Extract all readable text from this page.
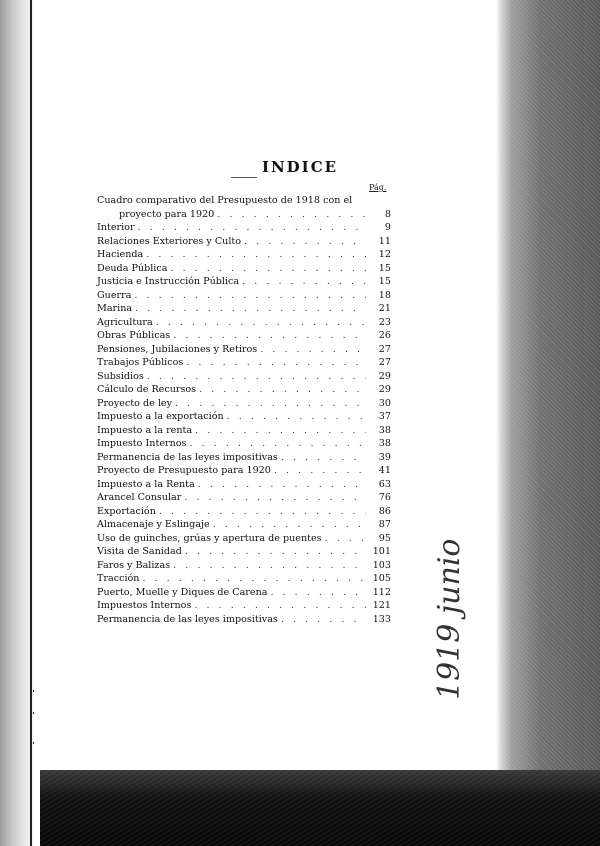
INDICE
Pág.
Cuadro comparativo del Presupuesto de 1918 con el
proyecto para 1920 . . .	8
Interior . . .	9
Relaciones Exteriores y Culto . . .	11
Hacienda . . .	12
Deuda Pública . . .	15
Justicia e Instrucción Pública . . .	15
Guerra . . .	18
Marina . . .	21
Agricultura . . .	23
Obras Públicas . . .	26
Pensiones, Jubilaciones y Retiros . . .	27
Trabajos Públicos . . .	27
Subsidios . . .	29
Cálculo de Recursos . . .	29
Proyecto de ley . . .	30
Impuesto a la exportación . . .	37
Impuesto a la renta . . .	38
Impuesto Internos . . .	38
Permanencia de las leyes impositivas . . .	39
Proyecto de Presupuesto para 1920 . . .	41
Impuesto a la Renta . . .	63
Arancel Consular . . .	76
Exportación . . .	86
Almacenaje y Eslingaje . . .	87
Uso de guinches, grúas y apertura de puentes . . .	95
Visita de Sanidad . . .	101
Faros y Balizas . . .	103
Tracción . . .	105
Puerto, Muelle y Diques de Carena . . .	112
Impuestos Internos . . .	121
Permanencia de las leyes impositivas . . .	133 1919 junio
